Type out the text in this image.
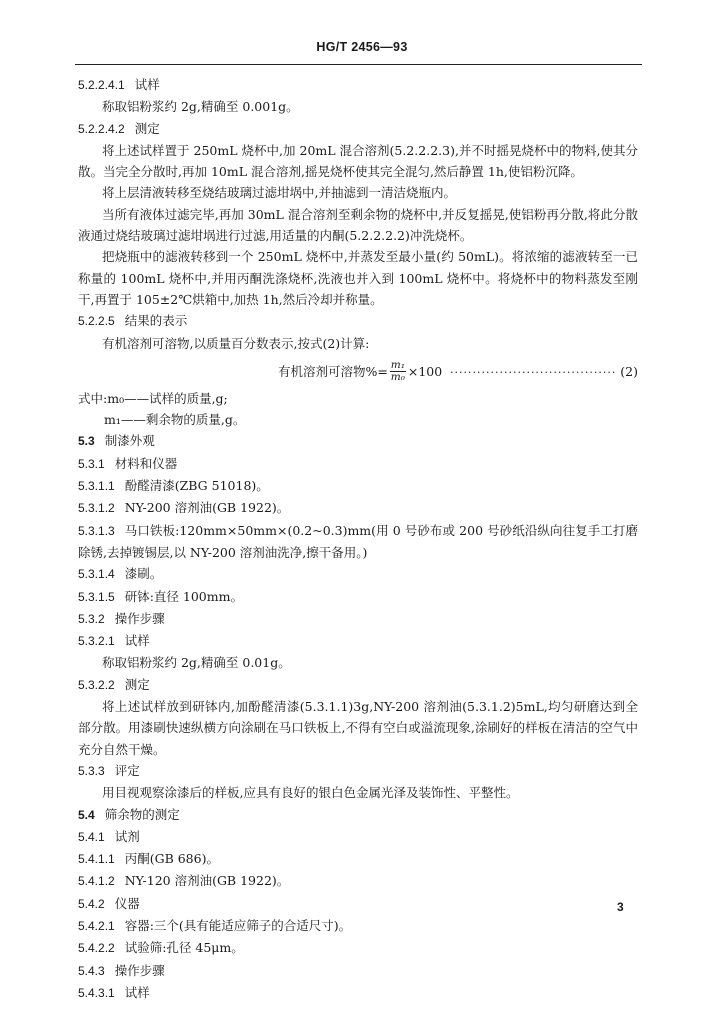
HG/T 2456—93
5.2.2.4.1 试样
称取铝粉浆约 2g,精确至 0.001g。
5.2.2.4.2 测定
将上述试样置于 250mL 烧杯中,加 20mL 混合溶剂(5.2.2.2.3),并不时摇晃烧杯中的物料,使其分散。当完全分散时,再加 10mL 混合溶剂,摇晃烧杯使其完全混匀,然后静置 1h,使铝粉沉降。
将上层清液转移至烧结玻璃过滤坩埚中,并抽滤到一清洁烧瓶内。
当所有液体过滤完毕,再加 30mL 混合溶剂至剩余物的烧杯中,并反复摇晃,使铝粉再分散,将此分散液通过烧结玻璃过滤坩埚进行过滤,用适量的内酮(5.2.2.2.2)冲洗烧杯。
把烧瓶中的滤液转移到一个 250mL 烧杯中,并蒸发至最小量(约 50mL)。将浓缩的滤液转至一已称量的 100mL 烧杯中,并用丙酮洗涤烧杯,洗液也并入到 100mL 烧杯中。将烧杯中的物料蒸发至刚干,再置于 105±2℃烘箱中,加热 1h,然后冷却并称量。
5.2.2.5 结果的表示
有机溶剂可溶物,以质量百分数表示,按式(2)计算:
有机溶剂可溶物%= $\frac{\text{m₁}}{\text{m₀}} \times 100$ ····································· (2)
式中:m₀——试样的质量,g;
m₁——剩余物的质量,g。
5.3 制漆外观
5.3.1 材料和仪器
5.3.1.1 酚醛清漆(ZBG 51018)。
5.3.1.2 NY-200 溶剂油(GB 1922)。
5.3.1.3 马口铁板:120mm×50mm×(0.2~0.3)mm(用 0 号砂布或 200 号砂纸沿纵向往复手工打磨除锈,去掉镀锡层,以 NY-200 溶剂油洗净,擦干备用。)
5.3.1.4 漆刷。
5.3.1.5 研钵:直径 100mm。
5.3.2 操作步骤
5.3.2.1 试样
称取铝粉浆约 2g,精确至 0.01g。
5.3.2.2 测定
将上述试样放到研钵内,加酚醛清漆(5.3.1.1)3g,NY-200 溶剂油(5.3.1.2)5mL,均匀研磨达到全部分散。用漆刷快速纵横方向涂刷在马口铁板上,不得有空白或溢流现象,涂刷好的样板在清洁的空气中充分自然干燥。
5.3.3 评定
用目视观察涂漆后的样板,应具有良好的银白色金属光泽及装饰性、平整性。
5.4 筛余物的测定
5.4.1 试剂
5.4.1.1 丙酮(GB 686)。
5.4.1.2 NY-120 溶剂油(GB 1922)。
5.4.2 仪器
5.4.2.1 容器:三个(具有能适应筛子的合适尺寸)。
5.4.2.2 试验筛:孔径 45μm。
5.4.3 操作步骤
5.4.3.1 试样
3
